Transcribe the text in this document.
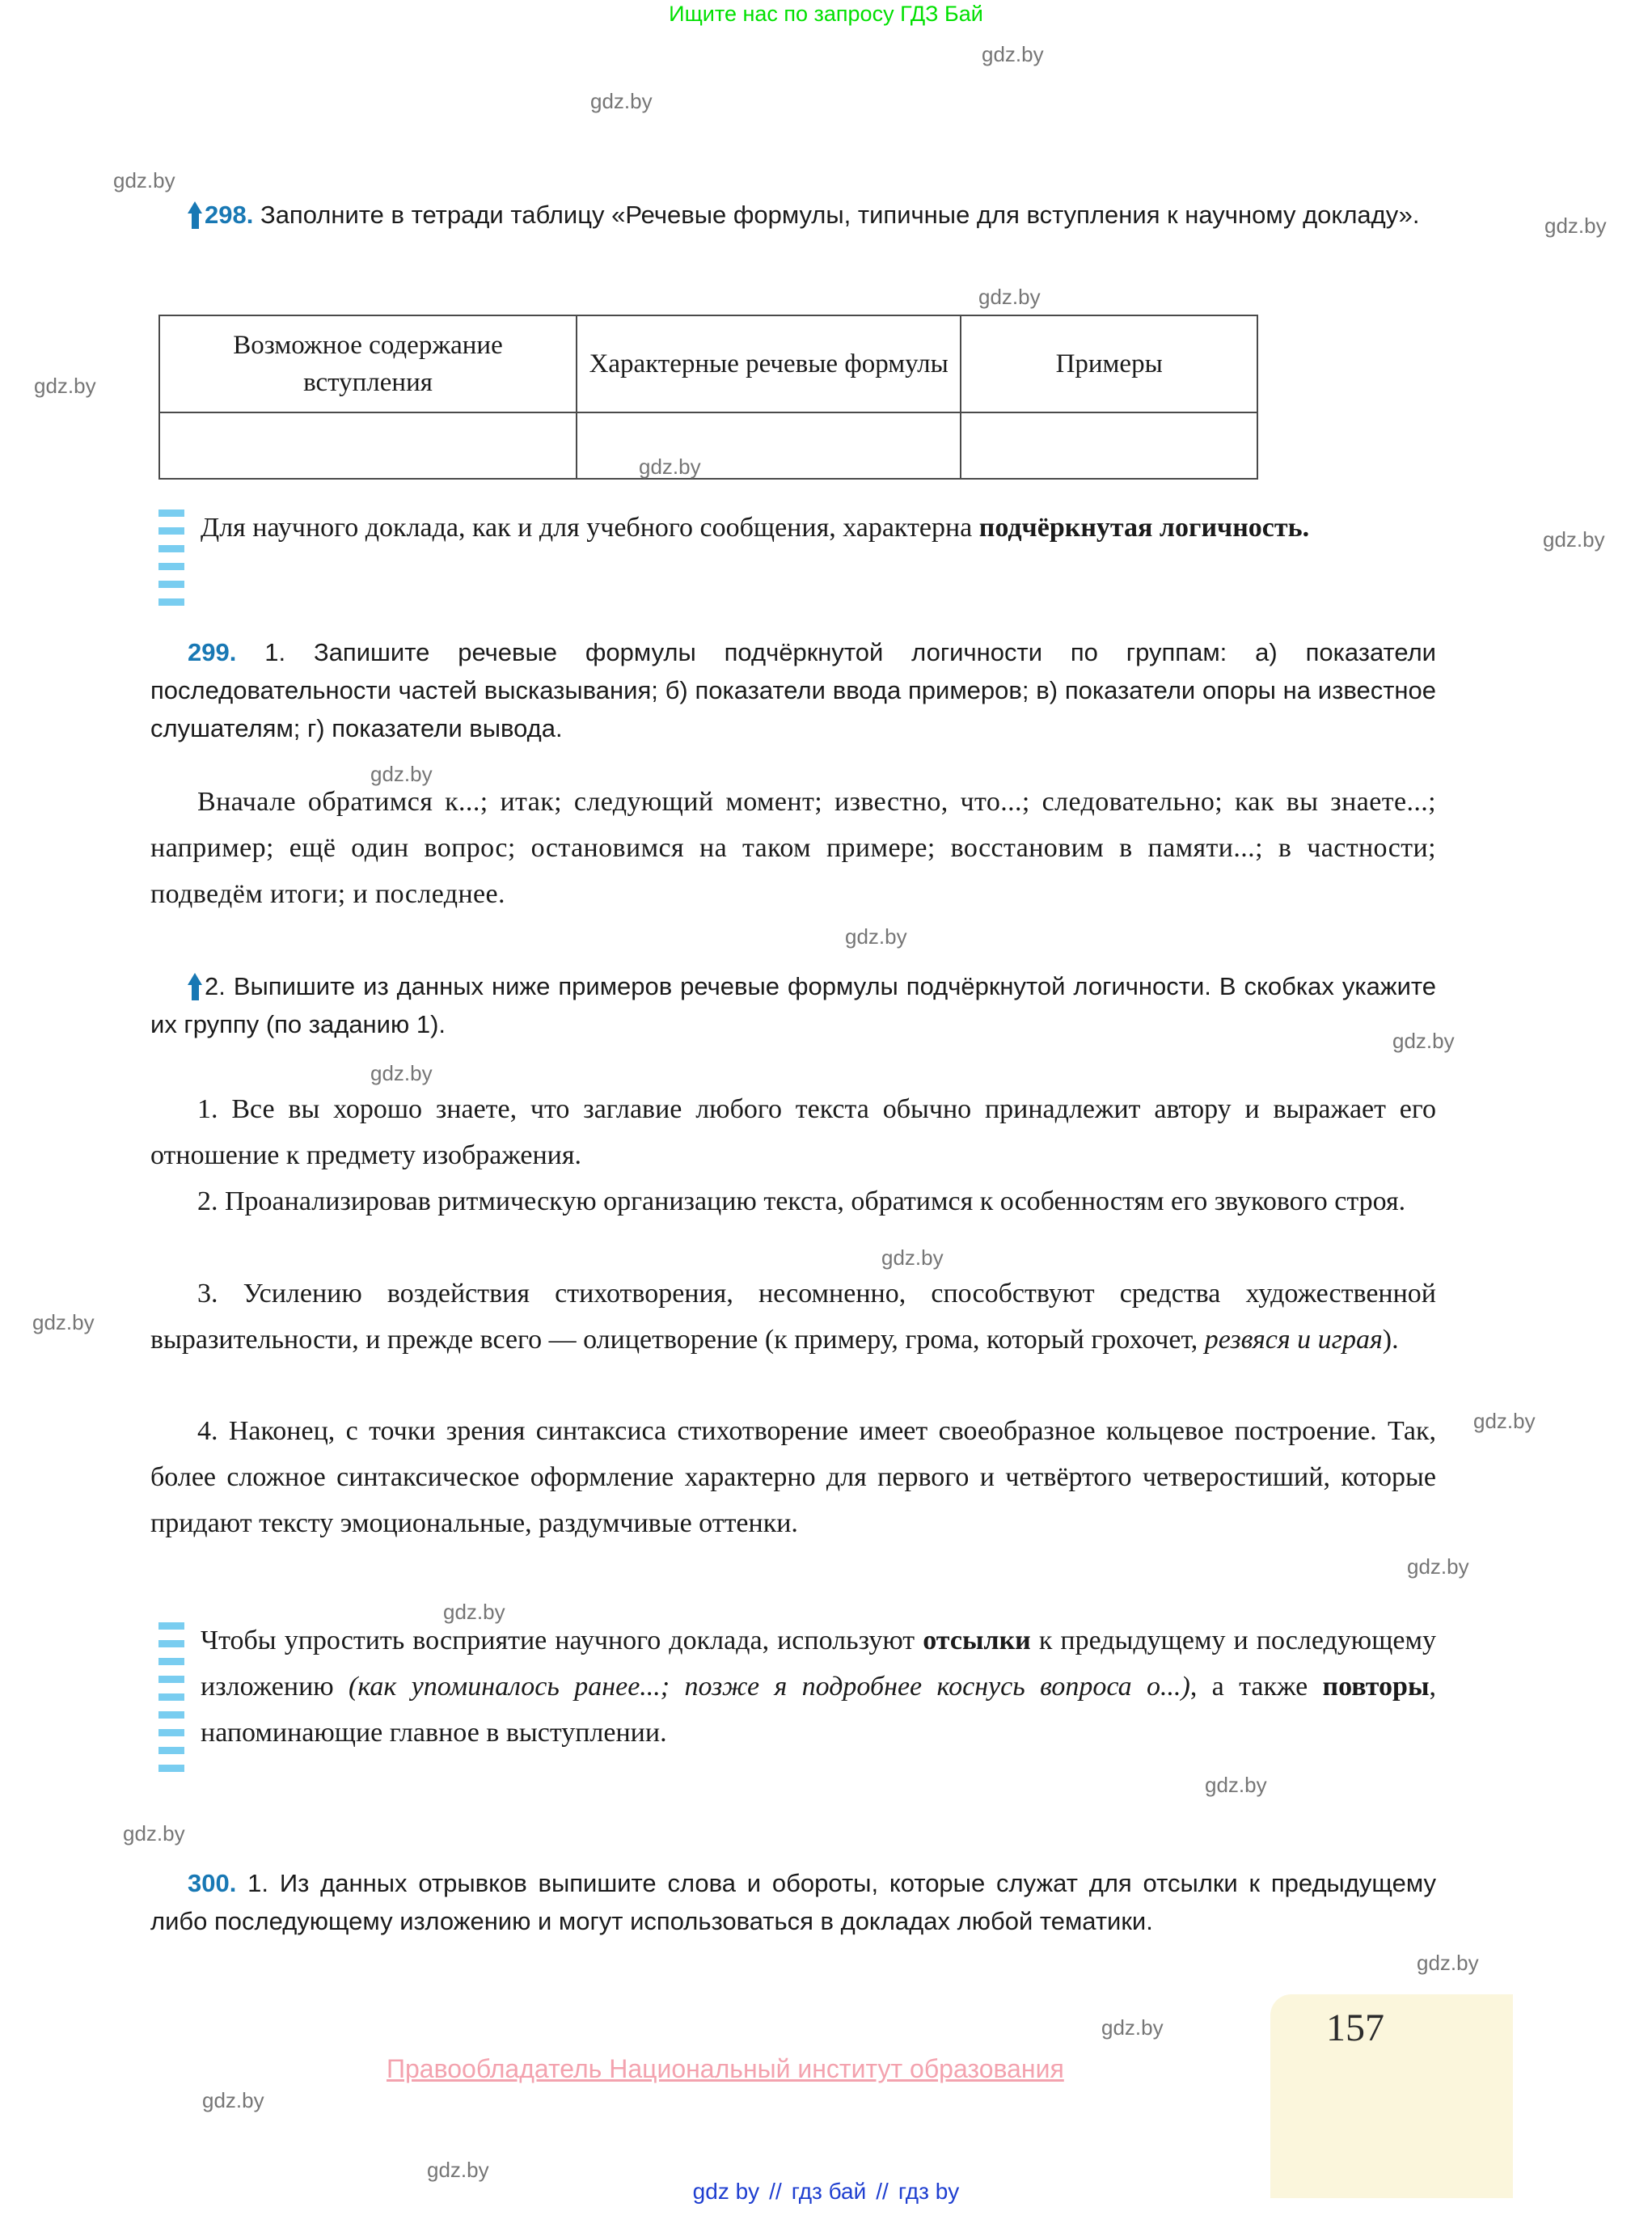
Ищите нас по запросу ГДЗ Бай
gdz.by
gdz.by
gdz.by
gdz.by
gdz.by
gdz.by
gdz.by
gdz.by
gdz.by
gdz.by
gdz.by
gdz.by
gdz.by
gdz.by
gdz.by
gdz.by
gdz.by
gdz.by
gdz.by
gdz.by
gdz.by
gdz.by
gdz.by

298. Заполните в тетради таблицу «Речевые формулы, типичные для вступления к научному докладу».

299. 1. Запишите речевые формулы подчёркнутой логичности по группам: а) показатели последовательности частей высказывания; б) показатели ввода примеров; в) показатели опоры на известное слушателям; г) показатели вывода.

Вначале обратимся к...; итак; следующий момент; известно, что...; следовательно; как вы знаете...; например; ещё один вопрос; остановимся на таком примере; восстановим в памяти...; в частности; подведём итоги; и последнее.

2. Выпишите из данных ниже примеров речевые формулы подчёркнутой логичности. В скобках укажите их группу (по заданию 1).

1. Все вы хорошо знаете, что заглавие любого текста обычно принадлежит автору и выражает его отношение к предмету изображения.

2. Проанализировав ритмическую организацию текста, обратимся к особенностям его звукового строя.

3. Усилению воздействия стихотворения, несомненно, способствуют средства художественной выразительности, и прежде всего — олицетворение (к примеру, грома, который грохочет, резвяся и играя).

4. Наконец, с точки зрения синтаксиса стихотворение имеет своеобразное кольцевое построение. Так, более сложное синтаксическое оформление характерно для первого и четвёртого четверостиший, которые придают тексту эмоциональные, раздумчивые оттенки.

300. 1. Из данных отрывков выпишите слова и обороты, которые служат для отсылки к предыдущему либо последующему изложению и могут использоваться в докладах любой тематики.

Возможное содержание вступления	Характерные речевые формулы	Примеры

Для научного доклада, как и для учебного сообщения, характерна подчёркнутая логичность.
Чтобы упростить восприятие научного доклада, используют отсылки к предыдущему и последующему изложению (как упоминалось ранее...; позже я подробнее коснусь вопроса о...), а также повторы, напоминающие главное в выступлении.
157
Правообладатель Национальный институт образования
gdz by // гдз бай // гдз by
